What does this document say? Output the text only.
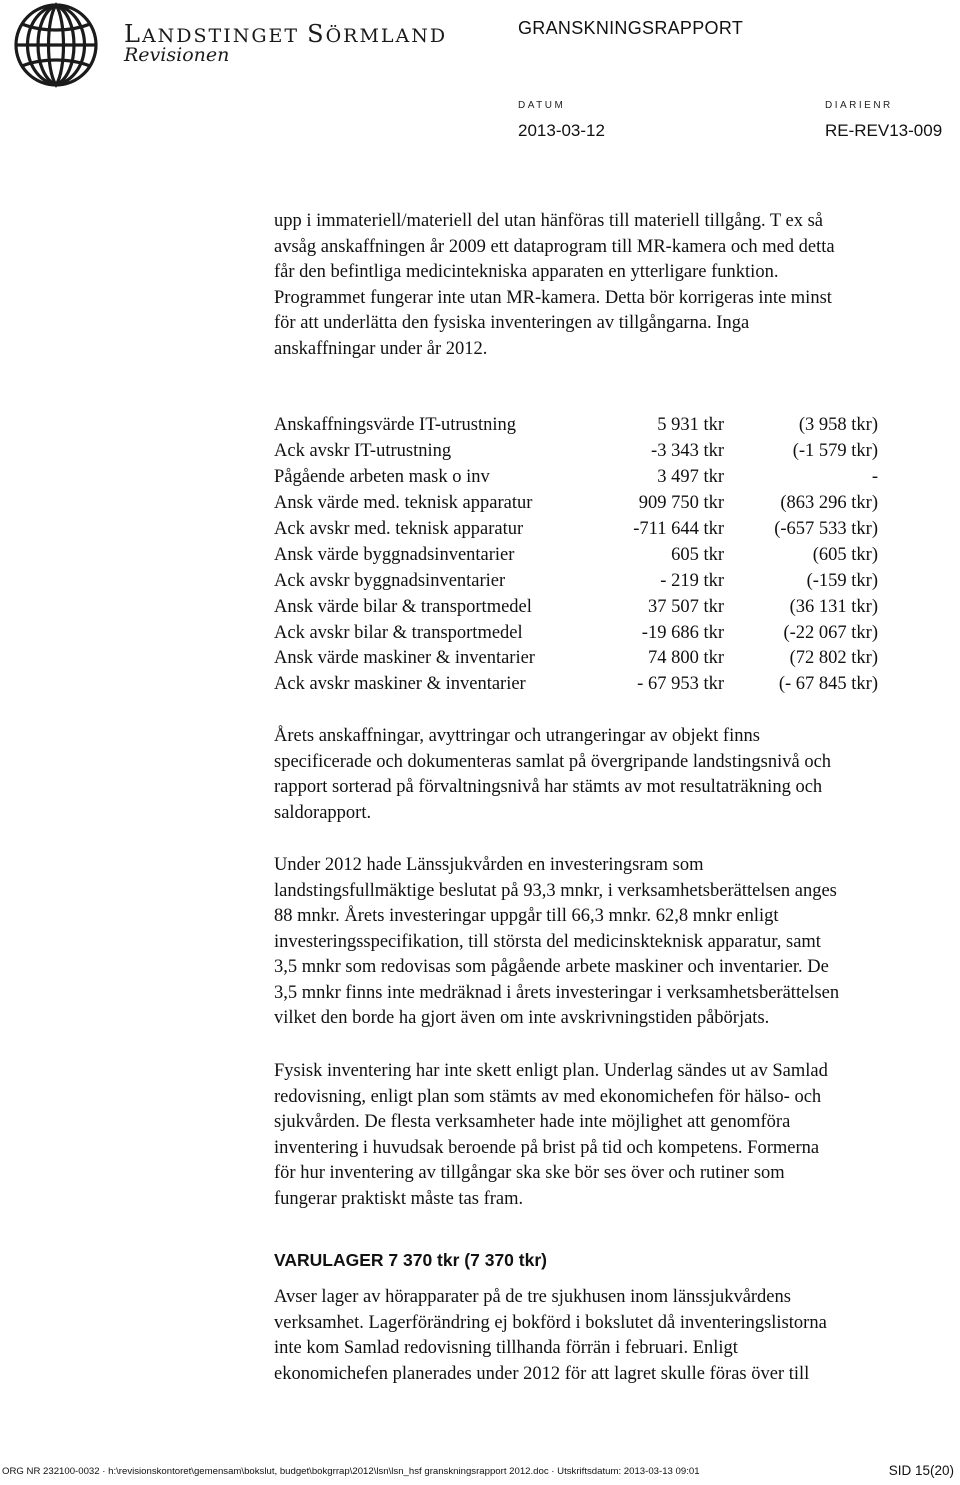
LANDSTINGET SÖRMLAND
Revisionen
GRANSKNINGSRAPPORT
DATUM
2013-03-12
DIARIENR
RE-REV13-009
upp i immateriell/materiell del utan hänföras till materiell tillgång. T ex så
avsåg anskaffningen år 2009 ett dataprogram till MR-kamera och med detta
får den befintliga medicintekniska apparaten en ytterligare funktion.
Programmet fungerar inte utan MR-kamera. Detta bör korrigeras inte minst
för att underlätta den fysiska inventeringen av tillgångarna. Inga
anskaffningar under år 2012.
Anskaffningsvärde IT-utrustning	5 931 tkr	(3 958 tkr)
Ack avskr IT-utrustning	-3 343 tkr	(-1 579 tkr)
Pågående arbeten mask o inv	3 497 tkr	-
Ansk värde med. teknisk apparatur	909 750 tkr	(863 296 tkr)
Ack avskr med. teknisk apparatur	-711 644 tkr	(-657 533 tkr)
Ansk värde byggnadsinventarier	605 tkr	(605 tkr)
Ack avskr byggnadsinventarier	- 219 tkr	(-159 tkr)
Ansk värde bilar & transportmedel	37 507 tkr	(36 131 tkr)
Ack avskr bilar & transportmedel	-19 686 tkr	(-22 067 tkr)
Ansk värde maskiner & inventarier	74 800 tkr	(72 802 tkr)
Ack avskr maskiner & inventarier	- 67 953 tkr	(- 67 845 tkr)
Årets anskaffningar, avyttringar och utrangeringar av objekt finns
specificerade och dokumenteras samlat på övergripande landstingsnivå och
rapport sorterad på förvaltningsnivå har stämts av mot resultaträkning och
saldorapport.
Under 2012 hade Länssjukvården en investeringsram som
landstingsfullmäktige beslutat på 93,3 mnkr, i verksamhetsberättelsen anges
88 mnkr. Årets investeringar uppgår till 66,3 mnkr. 62,8 mnkr enligt
investeringsspecifikation, till största del medicinskteknisk apparatur, samt
3,5 mnkr som redovisas som pågående arbete maskiner och inventarier. De
3,5 mnkr finns inte medräknad i årets investeringar i verksamhetsberättelsen
vilket den borde ha gjort även om inte avskrivningstiden påbörjats.
Fysisk inventering har inte skett enligt plan. Underlag sändes ut av Samlad
redovisning, enligt plan som stämts av med ekonomichefen för hälso- och
sjukvården. De flesta verksamheter hade inte möjlighet att genomföra
inventering i huvudsak beroende på brist på tid och kompetens. Formerna
för hur inventering av tillgångar ska ske bör ses över och rutiner som
fungerar praktiskt måste tas fram.
VARULAGER 7 370 tkr (7 370 tkr)
Avser lager av hörapparater på de tre sjukhusen inom länssjukvårdens
verksamhet. Lagerförändring ej bokförd i bokslutet då inventeringslistorna
inte kom Samlad redovisning tillhanda förrän i februari. Enligt
ekonomichefen planerades under 2012 för att lagret skulle föras över till
ORG NR 232100-0032 · h:\revisionskontoret\gemensam\bokslut, budget\bokgrrap\2012\lsn\lsn_hsf granskningsrapport 2012.doc · Utskriftsdatum: 2013-03-13 09:01	SID 15(20)
